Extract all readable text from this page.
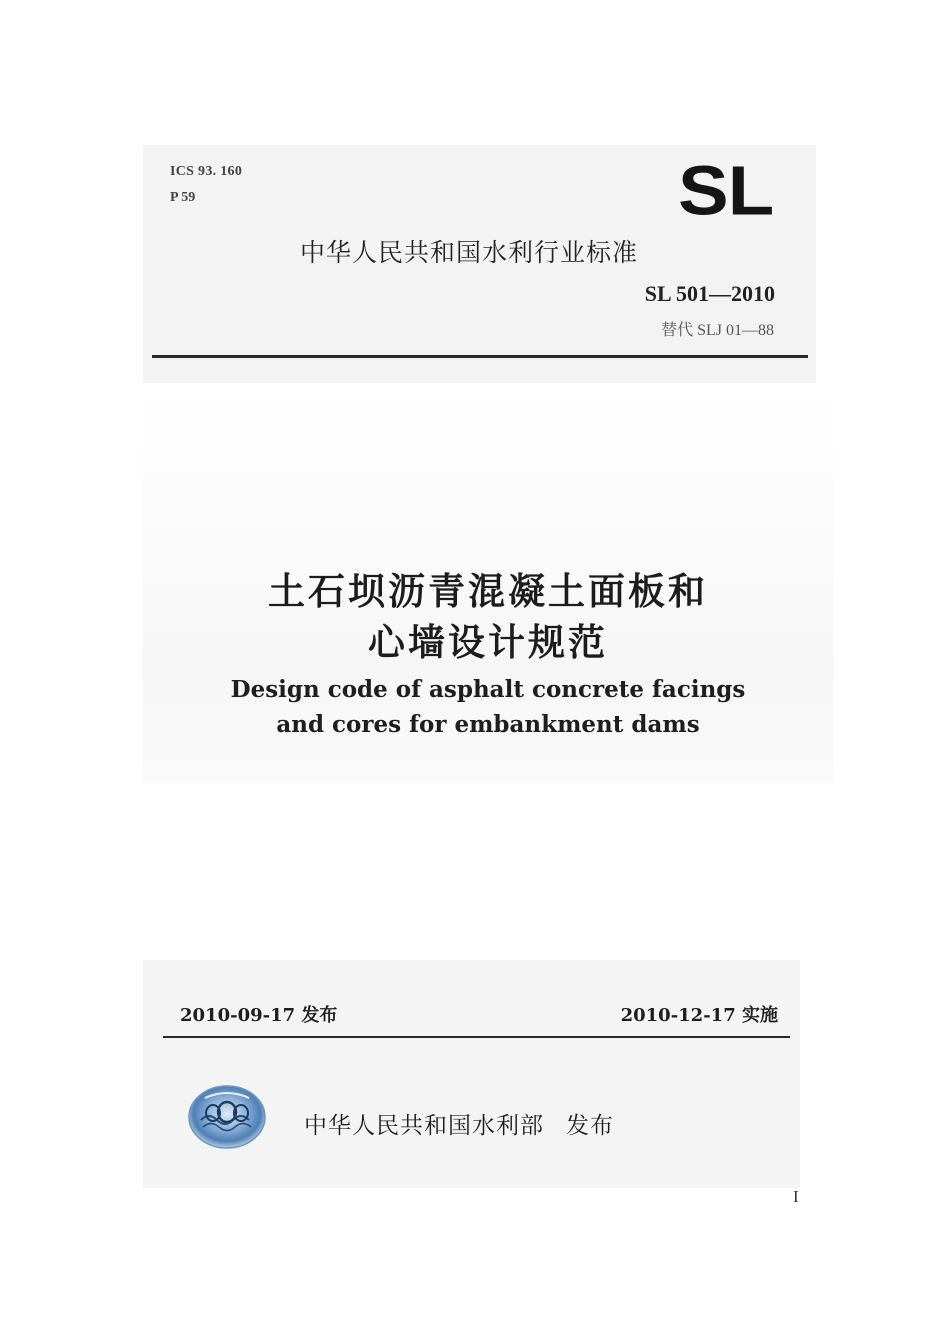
ICS 93. 160
P 59	SL
中华人民共和国水利行业标准
SL 501—2010
替代 SLJ 01—88
土石坝沥青混凝土面板和
心墙设计规范
Design code of asphalt concrete facings
and cores for embankment dams
2010-09-17 发布	2010-12-17 实施
中华人民共和国水利部 发布
I
